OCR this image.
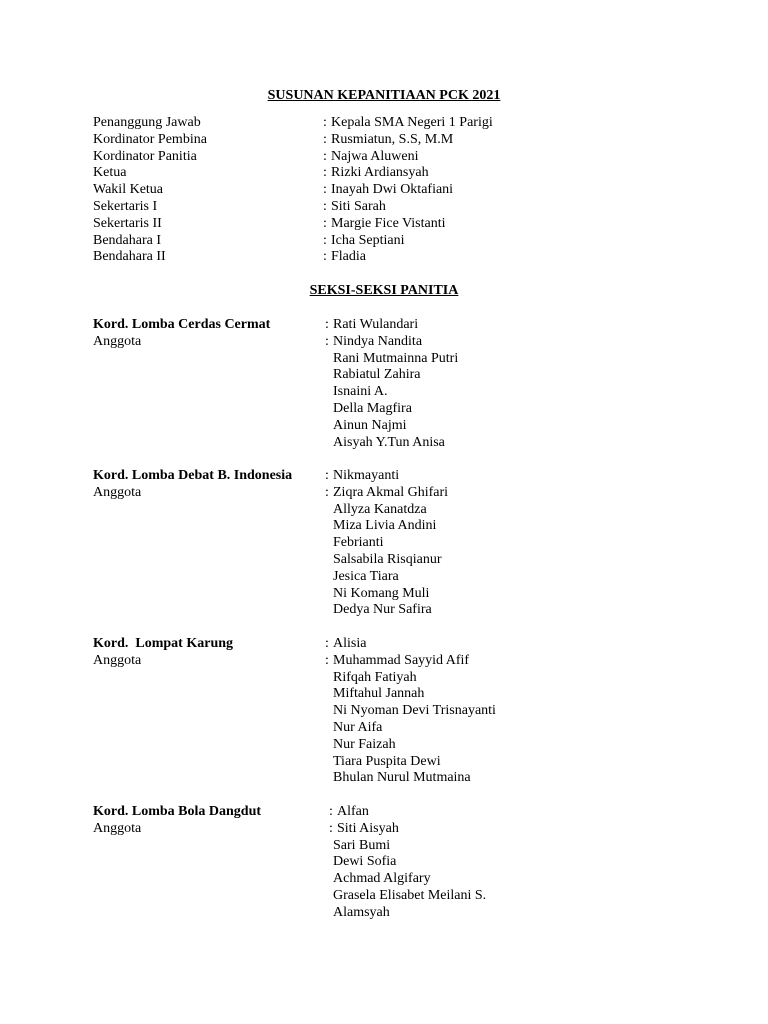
SUSUNAN KEPANITIAAN PCK 2021
Penanggung Jawab	: Kepala SMA Negeri 1 Parigi
Kordinator Pembina	: Rusmiatun, S.S, M.M
Kordinator Panitia	: Najwa Aluweni
Ketua	: Rizki Ardiansyah
Wakil Ketua	: Inayah Dwi Oktafiani
Sekertaris I	: Siti Sarah
Sekertaris II	: Margie Fice Vistanti
Bendahara I	: Icha Septiani
Bendahara II	: Fladia
SEKSI-SEKSI PANITIA
Kord. Lomba Cerdas Cermat	: Rati Wulandari
Anggota	: Nindya Nandita
Rani Mutmainna Putri
Rabiatul Zahira
Isnaini A.
Della Magfira
Ainun Najmi
Aisyah Y.Tun Anisa
Kord. Lomba Debat B. Indonesia : Nikmayanti
Anggota	: Ziqra Akmal Ghifari
Allyza Kanatdza
Miza Livia Andini
Febrianti
Salsabila Risqianur
Jesica Tiara
Ni Komang Muli
Dedya Nur Safira
Kord.  Lompat Karung	: Alisia
Anggota	: Muhammad Sayyid Afif
Rifqah Fatiyah
Miftahul Jannah
Ni Nyoman Devi Trisnayanti
Nur Aifa
Nur Faizah
Tiara Puspita Dewi
Bhulan Nurul Mutmaina
Kord. Lomba Bola Dangdut	: Alfan
Anggota	: Siti Aisyah
Sari Bumi
Dewi Sofia
Achmad Algifary
Grasela Elisabet Meilani S.
Alamsyah
